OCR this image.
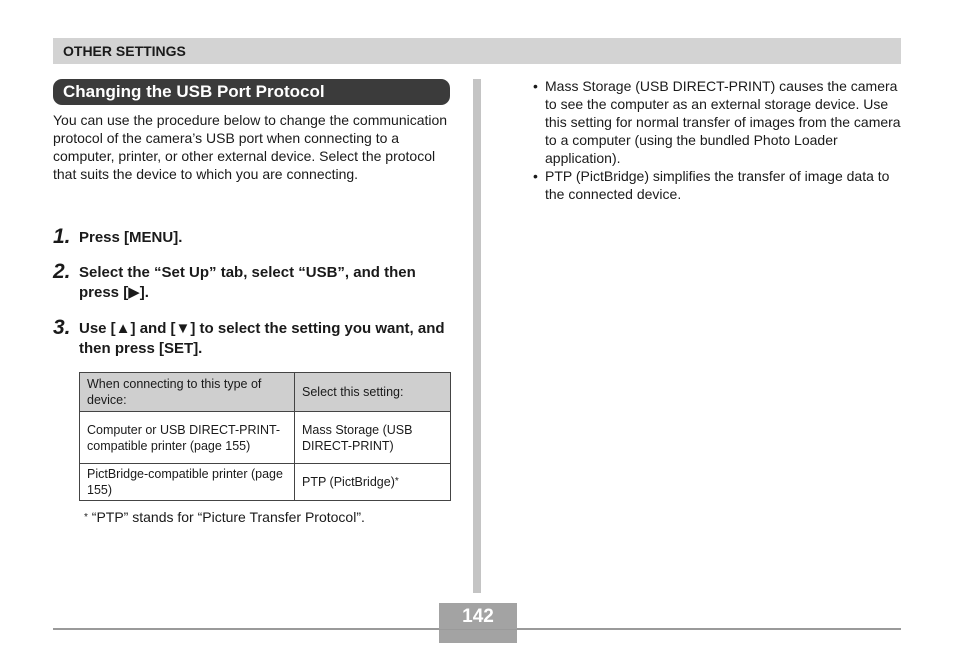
OTHER SETTINGS
Changing the USB Port Protocol

You can use the procedure below to change the communication protocol of the camera’s USB port when connecting to a computer, printer, or other external device. Select the protocol that suits the device to which you are connecting.

1. Press [MENU].
2. Select the “Set Up” tab, select “USB”, and then press [▶].
3. Use [▲] and [▼] to select the setting you want, and then press [SET].
When connecting to this type of device:	Select this setting:
Computer or USB DIRECT-PRINT-compatible printer (page 155)	Mass Storage (USB DIRECT-PRINT)
PictBridge-compatible printer (page 155)	PTP (PictBridge)*
* “PTP” stands for “Picture Transfer Protocol”.
• Mass Storage (USB DIRECT-PRINT) causes the camera to see the computer as an external storage device. Use this setting for normal transfer of images from the camera to a computer (using the bundled Photo Loader application).
• PTP (PictBridge) simplifies the transfer of image data to the connected device.
142
